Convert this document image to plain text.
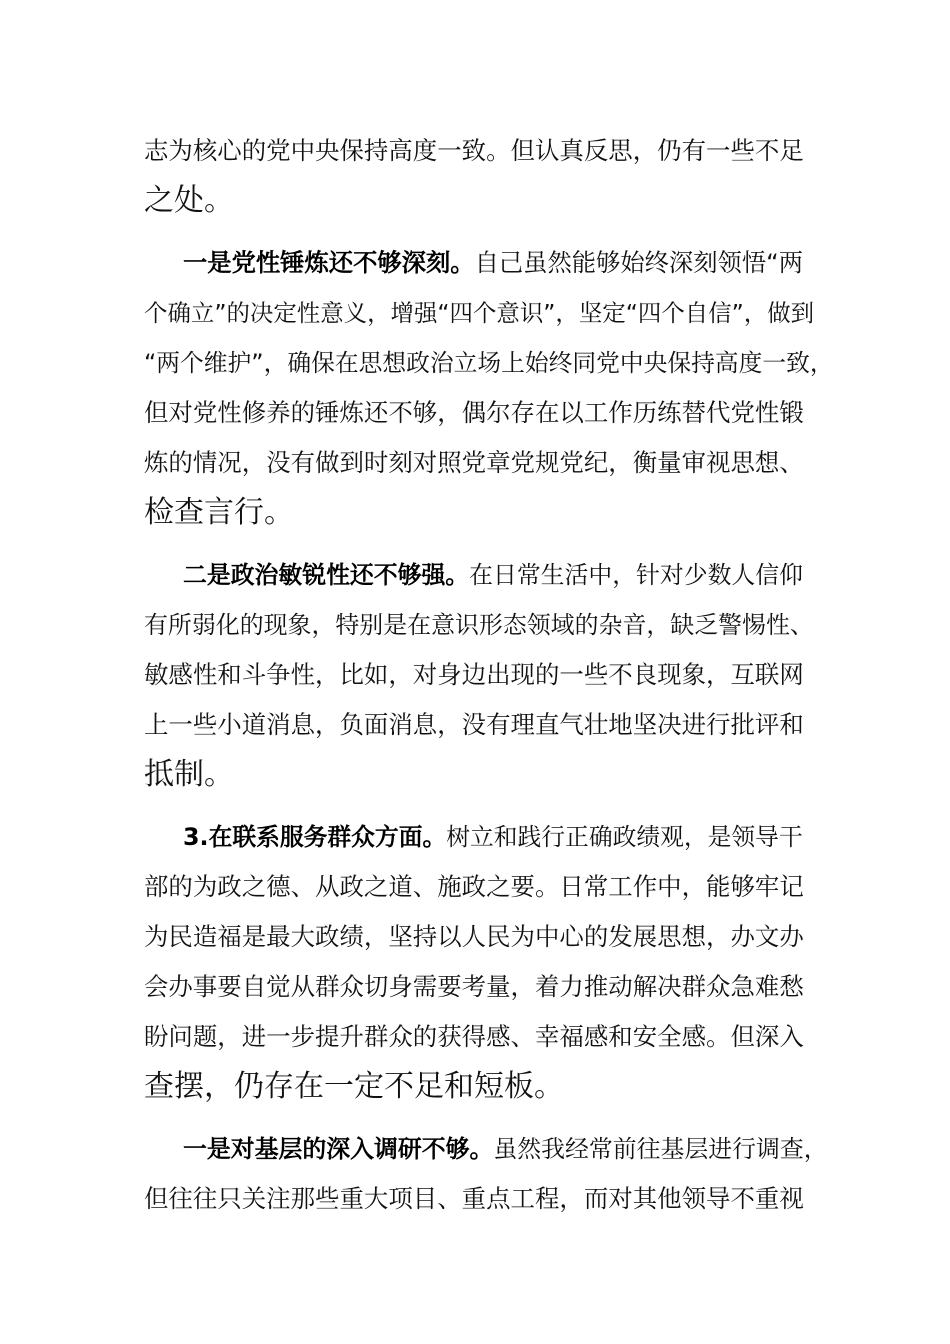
志为核心的党中央保持高度一致。但认真反思，仍有一些不足

之处。

一是党性锤炼还不够深刻。自己虽然能够始终深刻领悟“两

个确立”的决定性意义，增强“四个意识”，坚定“四个自信”，做到

“两个维护”，确保在思想政治立场上始终同党中央保持高度一致，

但对党性修养的锤炼还不够，偶尔存在以工作历练替代党性锻

炼的情况，没有做到时刻对照党章党规党纪，衡量审视思想、

检查言行。

二是政治敏锐性还不够强。在日常生活中，针对少数人信仰

有所弱化的现象，特别是在意识形态领域的杂音，缺乏警惕性、

敏感性和斗争性，比如，对身边出现的一些不良现象，互联网

上一些小道消息，负面消息，没有理直气壮地坚决进行批评和

抵制。

3.在联系服务群众方面。树立和践行正确政绩观，是领导干

部的为政之德、从政之道、施政之要。日常工作中，能够牢记

为民造福是最大政绩，坚持以人民为中心的发展思想，办文办

会办事要自觉从群众切身需要考量，着力推动解决群众急难愁

盼问题，进一步提升群众的获得感、幸福感和安全感。但深入

查摆，仍存在一定不足和短板。

一是对基层的深入调研不够。虽然我经常前往基层进行调查，

但往往只关注那些重大项目、重点工程，而对其他领导不重视
